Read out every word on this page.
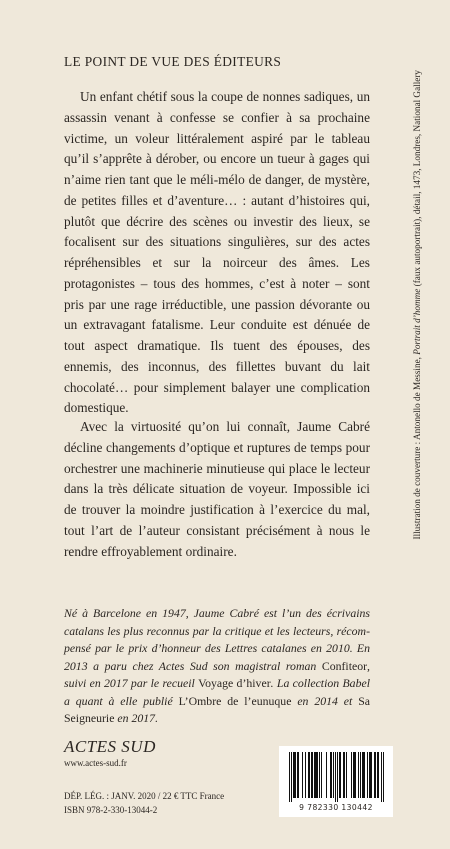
LE POINT DE VUE DES ÉDITEURS

Un enfant chétif sous la coupe de nonnes sadiques, un assassin venant à confesse se confier à sa prochaine victime, un voleur littéralement aspiré par le tableau qu’il s’apprête à dérober, ou encore un tueur à gages qui n’aime rien tant que le méli-mélo de danger, de mystère, de petites filles et d’aventure… : autant d’histoires qui, plutôt que décrire des scènes ou investir des lieux, se focalisent sur des situations singulières, sur des actes répréhensibles et sur la noirceur des âmes. Les protagonistes – tous des hommes, c’est à noter – sont pris par une rage irréductible, une passion dévorante ou un extravagant fatalisme. Leur conduite est dénuée de tout aspect dramatique. Ils tuent des épouses, des ennemis, des inconnus, des fillettes buvant du lait chocolaté… pour simplement balayer une complication domestique.

Avec la virtuosité qu’on lui connaît, Jaume Cabré décline changements d’optique et ruptures de temps pour orchestrer une machinerie minutieuse qui place le lecteur dans la très délicate situation de voyeur. Impossible ici de trouver la moindre justification à l’exercice du mal, tout l’art de l’auteur consistant précisément à nous le rendre effroyablement ordinaire.

Né à Barcelone en 1947, Jaume Cabré est l’un des écrivains catalans les plus reconnus par la critique et les lecteurs, récompensé par le prix d’honneur des Lettres catalanes en 2010. En 2013 a paru chez Actes Sud son magistral roman Confiteor, suivi en 2017 par le recueil Voyage d’hiver. La collection Babel a quant à elle publié L’Ombre de l’eunuque en 2014 et Sa Seigneurie en 2017.

ACTES SUD
www.actes-sud.fr
DÉP. LÉG. : JANV. 2020 / 22 € TTC France
ISBN 978-2-330-13044-2	9 782330 130442
Illustration de couverture : Antonello de Messine, Portrait d’homme (faux autoportrait), détail, 1473, Londres, National Gallery
